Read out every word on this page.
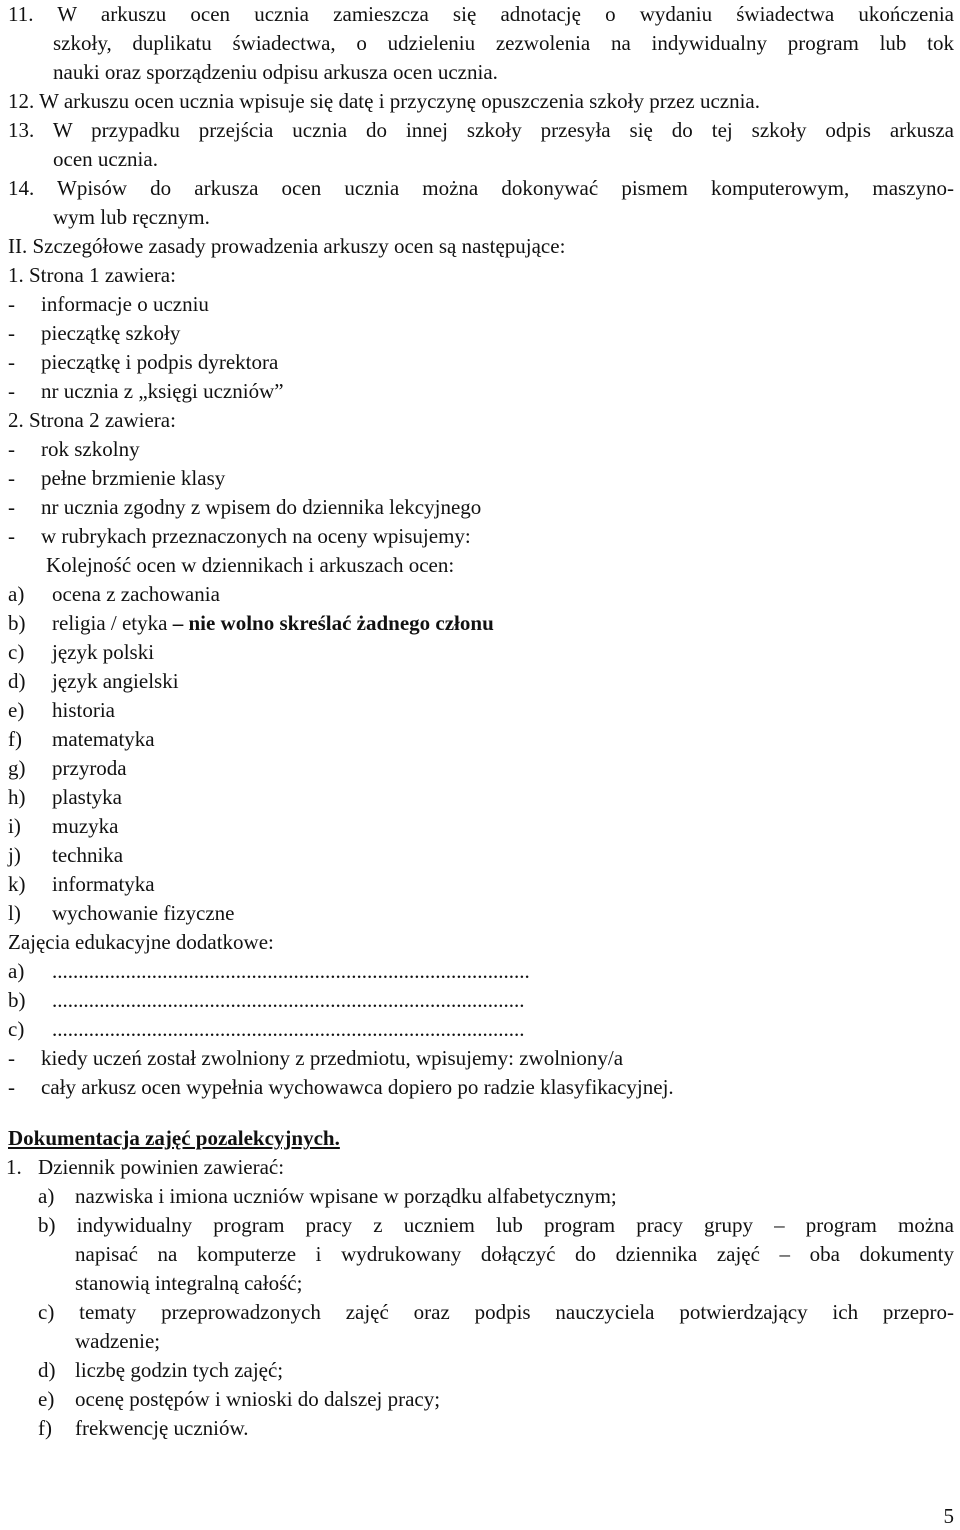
11. W arkuszu ocen ucznia zamieszcza się adnotację o wydaniu świadectwa ukończenia
szkoły, duplikatu świadectwa, o udzieleniu zezwolenia na indywidualny program lub tok
nauki oraz sporządzeniu odpisu arkusza ocen ucznia.
12. W arkuszu ocen ucznia wpisuje się datę i przyczynę opuszczenia szkoły przez ucznia.
13. W przypadku przejścia ucznia do innej szkoły przesyła się do tej szkoły odpis arkusza
ocen ucznia.
14. Wpisów do arkusza ocen ucznia można dokonywać pismem komputerowym, maszyno-
wym lub ręcznym.
II. Szczegółowe zasady prowadzenia arkuszy ocen są następujące:
1. Strona 1 zawiera:
- informacje o uczniu
- pieczątkę szkoły
- pieczątkę i podpis dyrektora
- nr ucznia z „księgi uczniów”
2. Strona 2 zawiera:
- rok szkolny
- pełne brzmienie klasy
- nr ucznia zgodny z wpisem do dziennika lekcyjnego
- w rubrykach przeznaczonych na oceny wpisujemy:
Kolejność ocen w dziennikach i arkuszach ocen:
a) ocena z zachowania
b) religia / etyka – nie wolno skreślać żadnego członu
c) język polski
d) język angielski
e) historia
f) matematyka
g) przyroda
h) plastyka
i) muzyka
j) technika
k) informatyka
l) wychowanie fizyczne
Zajęcia edukacyjne dodatkowe:
a) ...........................................................................................
b) ..........................................................................................
c) ..........................................................................................
- kiedy uczeń został zwolniony z przedmiotu, wpisujemy: zwolniony/a
- cały arkusz ocen wypełnia wychowawca dopiero po radzie klasyfikacyjnej.
Dokumentacja zajęć pozalekcyjnych.
1. Dziennik powinien zawierać:
a) nazwiska i imiona uczniów wpisane w porządku alfabetycznym;
b) indywidualny program pracy z uczniem lub program pracy grupy – program można
napisać na komputerze i wydrukowany dołączyć do dziennika zajęć – oba dokumenty
stanowią integralną całość;
c) tematy przeprowadzonych zajęć oraz podpis nauczyciela potwierdzający ich przepro-
wadzenie;
d) liczbę godzin tych zajęć;
e) ocenę postępów i wnioski do dalszej pracy;
f) frekwencję uczniów.
5
